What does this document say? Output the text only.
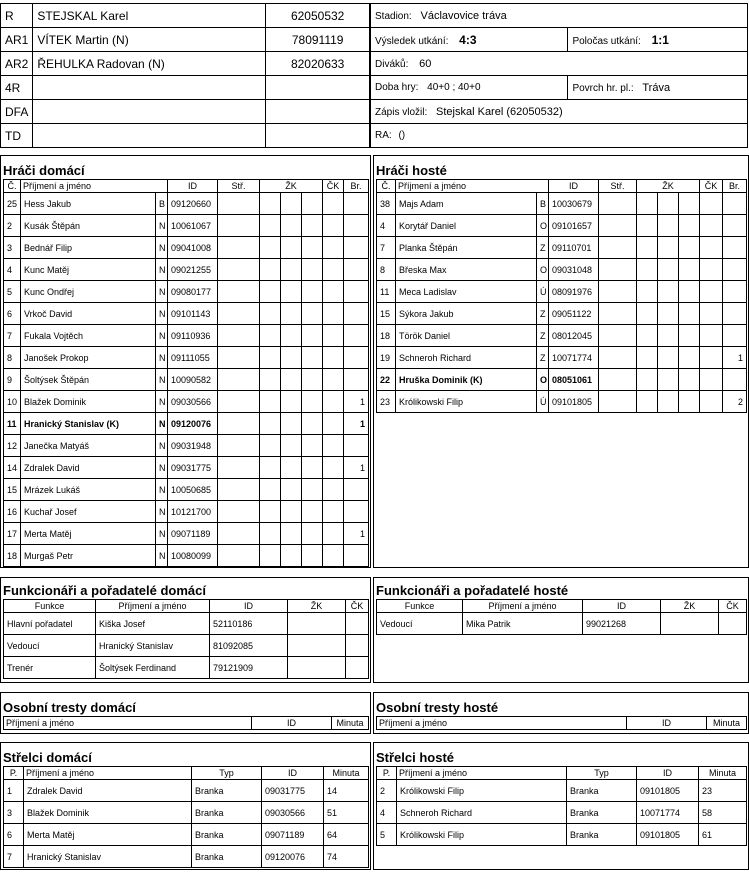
R	STEJSKAL Karel	62050532
AR1	VÍTEK Martin (N)	78091119
AR2	ŘEHULKA Radovan (N)	82020633
4R		
DFA		
TD		
Stadion: Václavovice tráva	
Výsledek utkání: 4:3	Poločas utkání: 1:1
Diváků: 60	
Doba hry: 40+0 ; 40+0	Povrch hr. pl.: Tráva
Zápis vložil: Stejskal Karel (62050532)	
RA: ()	
Hráči domácí
Č.	Příjmení a jméno		ID	Stř.	ŽK			ČK	Br.
25	Hess Jakub	B	09120660						
2	Kusák Štěpán	N	10061067						
3	Bednář Filip	N	09041008						
4	Kunc Matěj	N	09021255						
5	Kunc Ondřej	N	09080177						
6	Vrkoč David	N	09101143						
7	Fukala Vojtěch	N	09110936						
8	Janošek Prokop	N	09111055						
9	Šoltýsek Štěpán	N	10090582						
10	Blažek Dominik	N	09030566						1
11	Hranický Stanislav (K)	N	09120076						1
12	Janečka Matyáš	N	09031948						
14	Zdralek David	N	09031775						1
15	Mrázek Lukáš	N	10050685						
16	Kuchař Josef	N	10121700						
17	Merta Matěj	N	09071189						1
18	Murgaš Petr	N	10080099						
Hráči hosté
Č.	Příjmení a jméno		ID	Stř.	ŽK			ČK	Br.
38	Majs Adam	B	10030679						
4	Korytář Daniel	O	09101657						
7	Planka Štěpán	Z	09110701						
8	Břeska Max	O	09031048						
11	Meca Ladislav	Ú	08091976						
15	Sýkora Jakub	Z	09051122						
18	Török Daniel	Z	08012045						
19	Schneroh Richard	Z	10071774						1
22	Hruška Dominik (K)	O	08051061						
23	Królikowski Filip	Ú	09101805						2
Funkcionáři a pořadatelé domácí
Funkce	Příjmení a jméno	ID	ŽK	ČK
Hlavní pořadatel	Kiška Josef	52110186		
Vedoucí	Hranický Stanislav	81092085		
Trenér	Šoltýsek Ferdinand	79121909		
Funkcionáři a pořadatelé hosté
Funkce	Příjmení a jméno	ID	ŽK	ČK
Vedoucí	Mika Patrik	99021268		
Osobní tresty domácí
Příjmení a jméno	ID	Minuta
Osobní tresty hosté
Příjmení a jméno	ID	Minuta
Střelci domácí
P.	Příjmení a jméno	Typ	ID	Minuta
1	Zdralek David	Branka	09031775	14
3	Blažek Dominik	Branka	09030566	51
6	Merta Matěj	Branka	09071189	64
7	Hranický Stanislav	Branka	09120076	74
Střelci hosté
P.	Příjmení a jméno	Typ	ID	Minuta
2	Królikowski Filip	Branka	09101805	23
4	Schneroh Richard	Branka	10071774	58
5	Królikowski Filip	Branka	09101805	61
